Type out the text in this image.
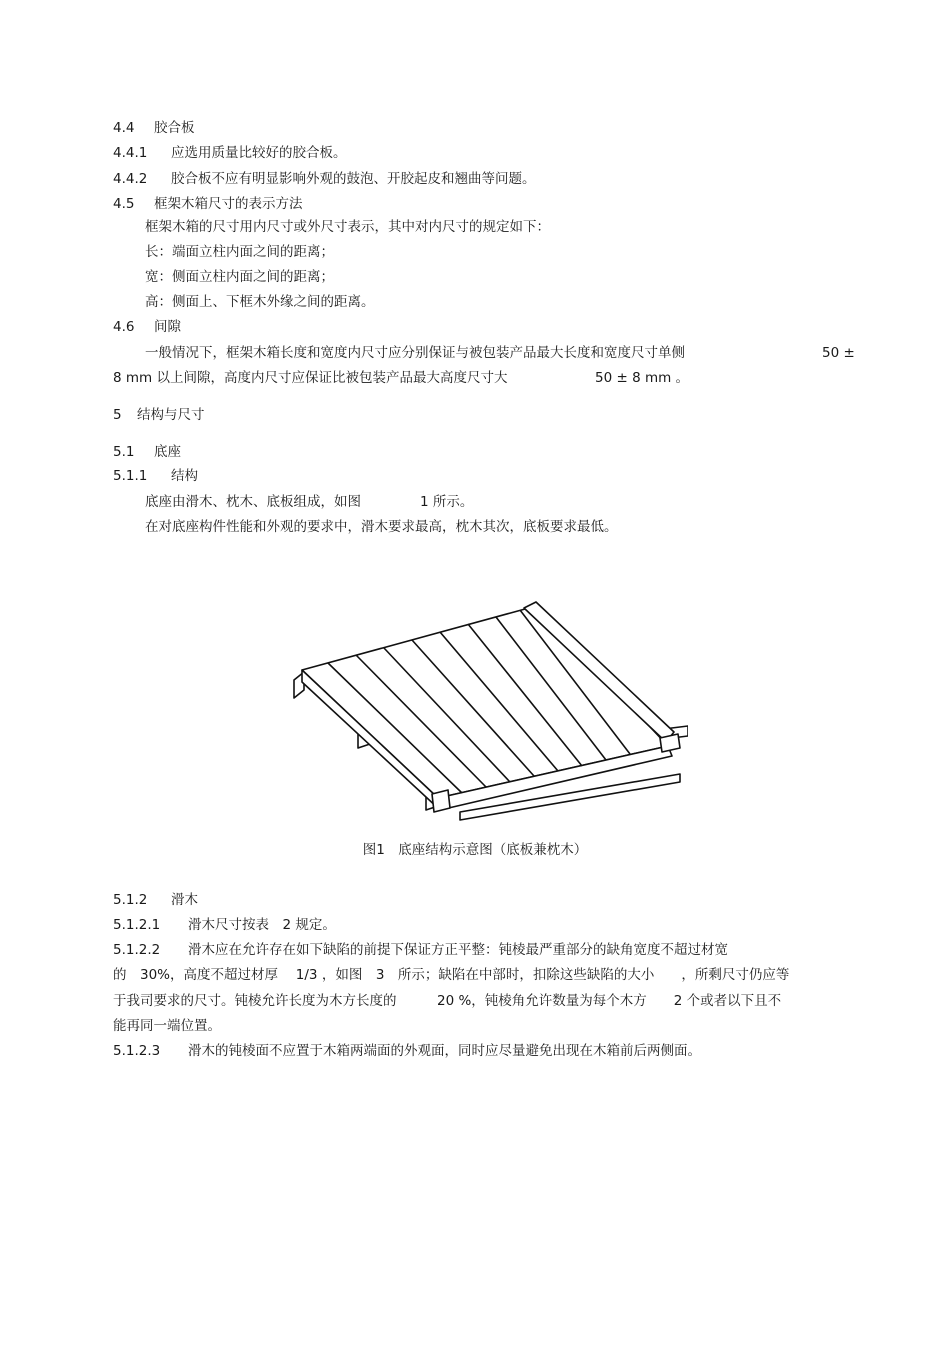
4.4 胶合板
4.4.1 应选用质量比较好的胶合板。
4.4.2 胶合板不应有明显影响外观的鼓泡、开胶起皮和翘曲等问题。
4.5 框架木箱尺寸的表示方法
框架木箱的尺寸用内尺寸或外尺寸表示，其中对内尺寸的规定如下：
长：端面立柱内面之间的距离；
宽：侧面立柱内面之间的距离；
高：侧面上、下框木外缘之间的距离。
4.6 间隙
一般情况下，框架木箱长度和宽度内尺寸应分别保证与被包装产品最大长度和宽度尺寸单侧	50 ±
8 mm 以上间隙，高度内尺寸应保证比被包装产品最大高度尺寸大	50 ± 8 mm 。
5 结构与尺寸
5.1 底座
5.1.1 结构
底座由滑木、枕木、底板组成，如图	1 所示。
在对底座构件性能和外观的要求中，滑木要求最高，枕木其次，底板要求最低。
图1　底座结构示意图（底板兼枕木）
5.1.2 滑木
5.1.2.1 滑木尺寸按表　2 规定。
5.1.2.2 滑木应在允许存在如下缺陷的前提下保证方正平整：钝棱最严重部分的缺角宽度不超过材宽
的　30%，高度不超过材厚　 1/3 ，如图　3　所示；缺陷在中部时，扣除这些缺陷的大小　　，所剩尺寸仍应等
于我司要求的尺寸。钝棱允许长度为木方长度的　　　20 %，钝棱角允许数量为每个木方　　2 个或者以下且不
能再同一端位置。
5.1.2.3 滑木的钝棱面不应置于木箱两端面的外观面，同时应尽量避免出现在木箱前后两侧面。
